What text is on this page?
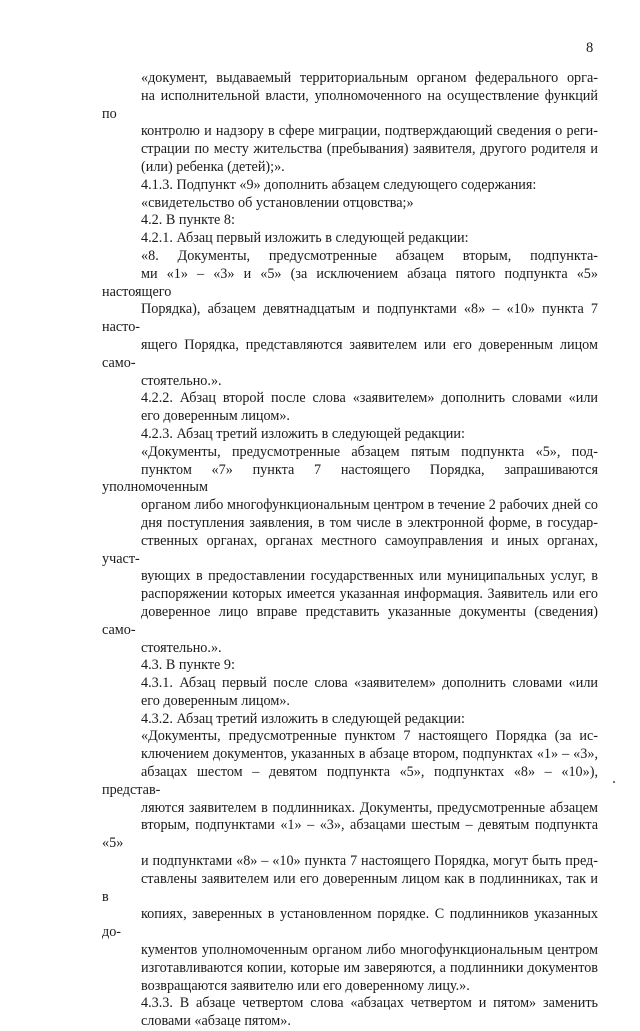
8
«документ, выдаваемый территориальным органом федерального орга-
на исполнительной власти, уполномоченного на осуществление функций по
контролю и надзору в сфере миграции, подтверждающий сведения о реги-
страции по месту жительства (пребывания) заявителя, другого родителя и
(или) ребенка (детей);».
4.1.3. Подпункт «9» дополнить абзацем следующего содержания:
«свидетельство об установлении отцовства;»
4.2. В пункте 8:
4.2.1. Абзац первый изложить в следующей редакции:
«8. Документы, предусмотренные абзацем вторым, подпункта-
ми «1» – «3» и «5» (за исключением абзаца пятого подпункта «5» настоящего
Порядка), абзацем девятнадцатым и подпунктами «8» – «10» пункта 7 насто-
ящего Порядка, представляются заявителем или его доверенным лицом само-
стоятельно.».
4.2.2. Абзац второй после слова «заявителем» дополнить словами «или
его доверенным лицом».
4.2.3. Абзац третий изложить в следующей редакции:
«Документы, предусмотренные абзацем пятым подпункта «5», под-
пунктом «7» пункта 7 настоящего Порядка, запрашиваются уполномоченным
органом либо многофункциональным центром в течение 2 рабочих дней со
дня поступления заявления, в том числе в электронной форме, в государ-
ственных органах, органах местного самоуправления и иных органах, участ-
вующих в предоставлении государственных или муниципальных услуг, в
распоряжении которых имеется указанная информация. Заявитель или его
доверенное лицо вправе представить указанные документы (сведения) само-
стоятельно.».
4.3. В пункте 9:
4.3.1. Абзац первый после слова «заявителем» дополнить словами «или
его доверенным лицом».
4.3.2. Абзац третий изложить в следующей редакции:
«Документы, предусмотренные пунктом 7 настоящего Порядка (за ис-
ключением документов, указанных в абзаце втором, подпунктах «1» – «3»,
абзацах шестом – девятом подпункта «5», подпунктах «8» – «10»), представ-
ляются заявителем в подлинниках. Документы, предусмотренные абзацем
вторым, подпунктами «1» – «3», абзацами шестым – девятым подпункта «5»
и подпунктами «8» – «10» пункта 7 настоящего Порядка, могут быть пред-
ставлены заявителем или его доверенным лицом как в подлинниках, так и в
копиях, заверенных в установленном порядке. С подлинников указанных до-
кументов уполномоченным органом либо многофункциональным центром
изготавливаются копии, которые им заверяются, а подлинники документов
возвращаются заявителю или его доверенному лицу.».
4.3.3. В абзаце четвертом слова «абзацах четвертом и пятом» заменить
словами «абзаце пятом».
